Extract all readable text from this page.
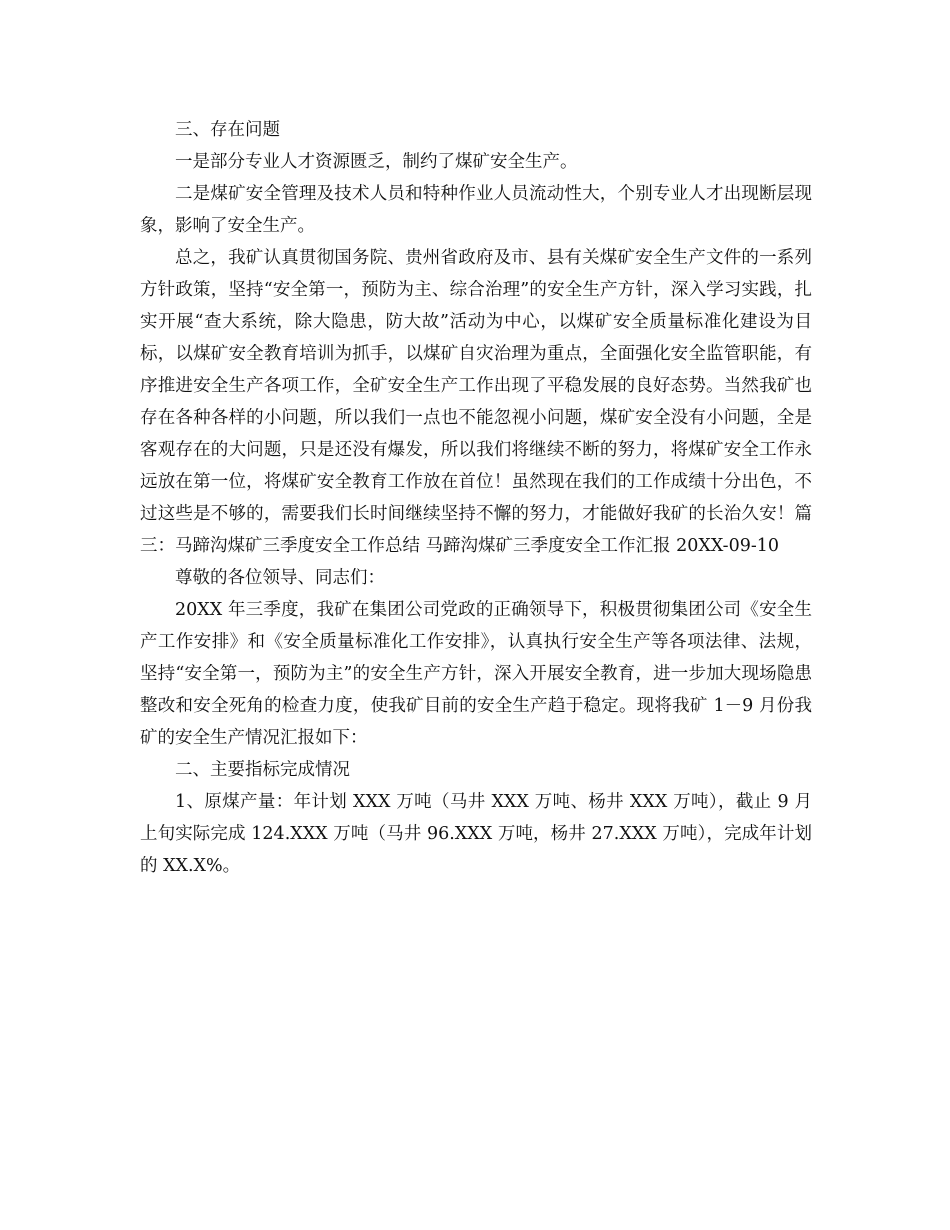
三、存在问题

一是部分专业人才资源匮乏，制约了煤矿安全生产。

二是煤矿安全管理及技术人员和特种作业人员流动性大，个别专业人才出现断层现象，影响了安全生产。

总之，我矿认真贯彻国务院、贵州省政府及市、县有关煤矿安全生产文件的一系列方针政策，坚持“安全第一，预防为主、综合治理”的安全生产方针，深入学习实践，扎实开展“查大系统，除大隐患，防大故”活动为中心，以煤矿安全质量标准化建设为目标，以煤矿安全教育培训为抓手，以煤矿自灾治理为重点，全面强化安全监管职能，有序推进安全生产各项工作，全矿安全生产工作出现了平稳发展的良好态势。当然我矿也存在各种各样的小问题，所以我们一点也不能忽视小问题，煤矿安全没有小问题，全是客观存在的大问题，只是还没有爆发，所以我们将继续不断的努力，将煤矿安全工作永远放在第一位，将煤矿安全教育工作放在首位！虽然现在我们的工作成绩十分出色，不过这些是不够的，需要我们长时间继续坚持不懈的努力，才能做好我矿的长治久安！篇三：马蹄沟煤矿三季度安全工作总结 马蹄沟煤矿三季度安全工作汇报 20XX-09-10

尊敬的各位领导、同志们：

20XX 年三季度，我矿在集团公司党政的正确领导下，积极贯彻集团公司《安全生产工作安排》和《安全质量标准化工作安排》，认真执行安全生产等各项法律、法规，坚持“安全第一，预防为主”的安全生产方针，深入开展安全教育，进一步加大现场隐患整改和安全死角的检查力度，使我矿目前的安全生产趋于稳定。现将我矿 1－9 月份我矿的安全生产情况汇报如下：

二、主要指标完成情况

1、原煤产量：年计划 XXX 万吨（马井 XXX 万吨、杨井 XXX 万吨），截止 9 月上旬实际完成 124.XXX 万吨（马井 96.XXX 万吨，杨井 27.XXX 万吨），完成年计划的 XX.X%。
